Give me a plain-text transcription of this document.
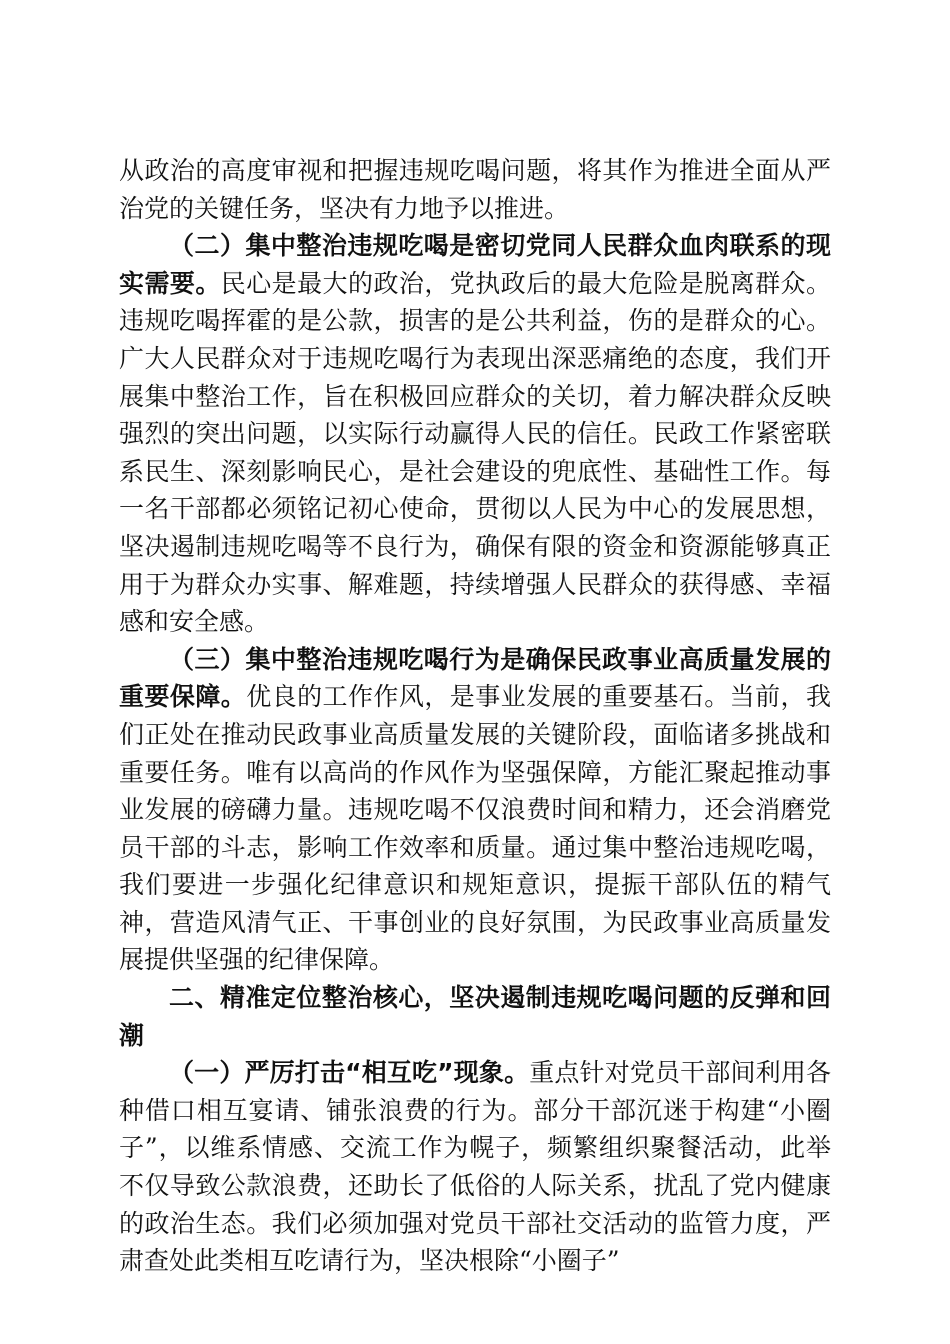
从政治的高度审视和把握违规吃喝问题，将其作为推进全面从严治党的关键任务，坚决有力地予以推进。

（二）集中整治违规吃喝是密切党同人民群众血肉联系的现实需要。民心是最大的政治，党执政后的最大危险是脱离群众。违规吃喝挥霍的是公款，损害的是公共利益，伤的是群众的心。广大人民群众对于违规吃喝行为表现出深恶痛绝的态度，我们开展集中整治工作，旨在积极回应群众的关切，着力解决群众反映强烈的突出问题，以实际行动赢得人民的信任。民政工作紧密联系民生、深刻影响民心，是社会建设的兜底性、基础性工作。每一名干部都必须铭记初心使命，贯彻以人民为中心的发展思想，坚决遏制违规吃喝等不良行为，确保有限的资金和资源能够真正用于为群众办实事、解难题，持续增强人民群众的获得感、幸福感和安全感。

（三）集中整治违规吃喝行为是确保民政事业高质量发展的重要保障。优良的工作作风，是事业发展的重要基石。当前，我们正处在推动民政事业高质量发展的关键阶段，面临诸多挑战和重要任务。唯有以高尚的作风作为坚强保障，方能汇聚起推动事业发展的磅礴力量。违规吃喝不仅浪费时间和精力，还会消磨党员干部的斗志，影响工作效率和质量。通过集中整治违规吃喝，我们要进一步强化纪律意识和规矩意识，提振干部队伍的精气神，营造风清气正、干事创业的良好氛围，为民政事业高质量发展提供坚强的纪律保障。

二、精准定位整治核心，坚决遏制违规吃喝问题的反弹和回潮

（一）严厉打击“相互吃”现象。重点针对党员干部间利用各种借口相互宴请、铺张浪费的行为。部分干部沉迷于构建“小圈子”，以维系情感、交流工作为幌子，频繁组织聚餐活动，此举不仅导致公款浪费，还助长了低俗的人际关系，扰乱了党内健康的政治生态。我们必须加强对党员干部社交活动的监管力度，严肃查处此类相互吃请行为，坚决根除“小圈子”
